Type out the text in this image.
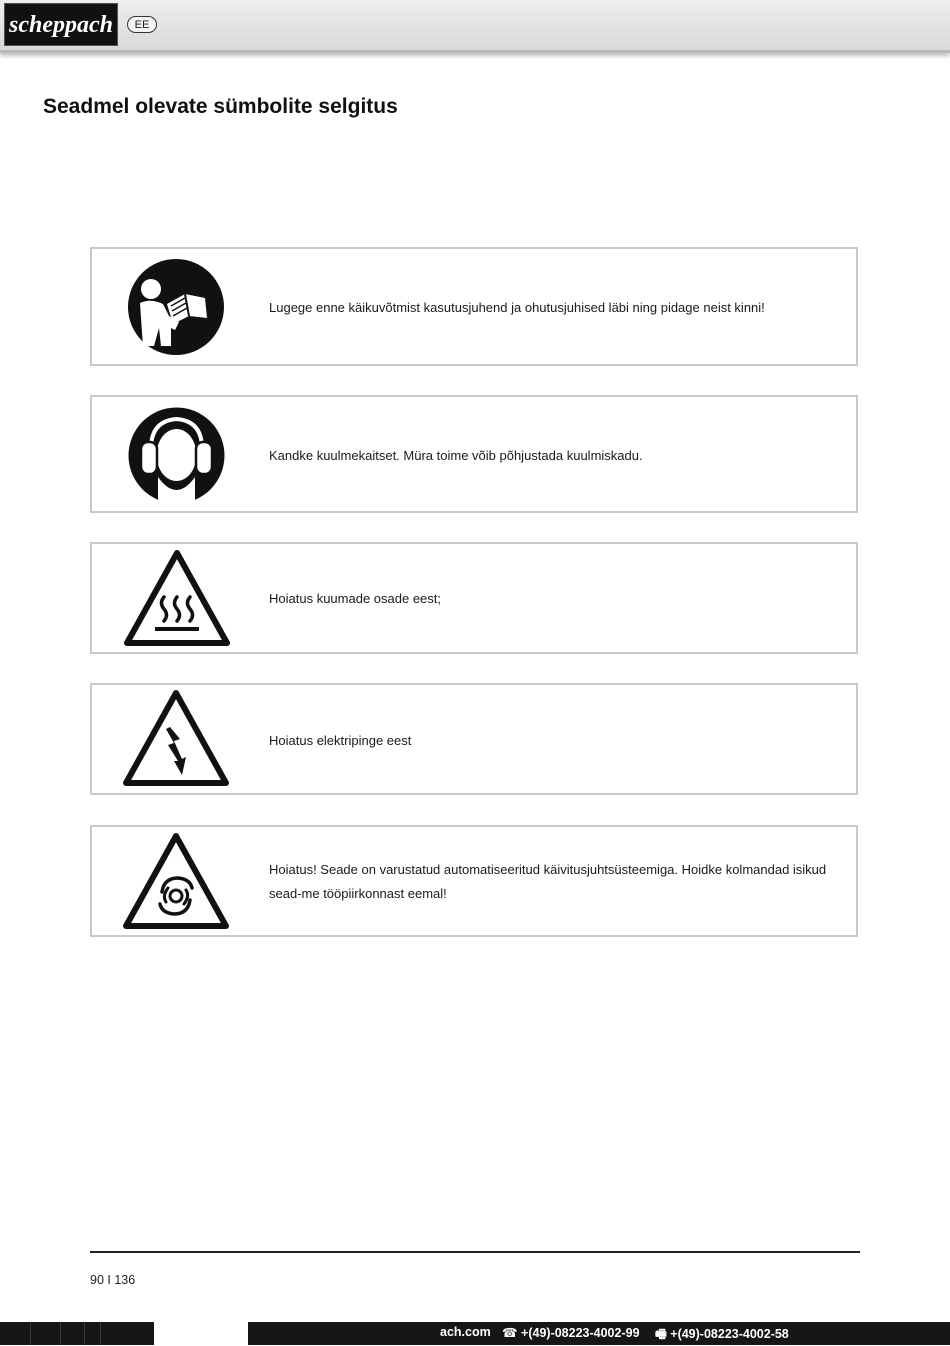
scheppach	EE
Seadmel olevate sümbolite selgitus
Lugege enne käikuvõtmist kasutusjuhend ja ohutusjuhised läbi ning pidage neist kinni!
Kandke kuulmekaitset. Müra toime võib põhjustada kuulmiskadu.
Hoiatus kuumade osade eest;
Hoiatus elektripinge eest
Hoiatus! Seade on varustatud automatiseeritud käivitusjuhtsüsteemiga. Hoidke kolmandad isikud sead-me tööpiirkonnast eemal!
90 I 136
ach.com ☎ +(49)-08223-4002-99 🖷 +(49)-08223-4002-58
